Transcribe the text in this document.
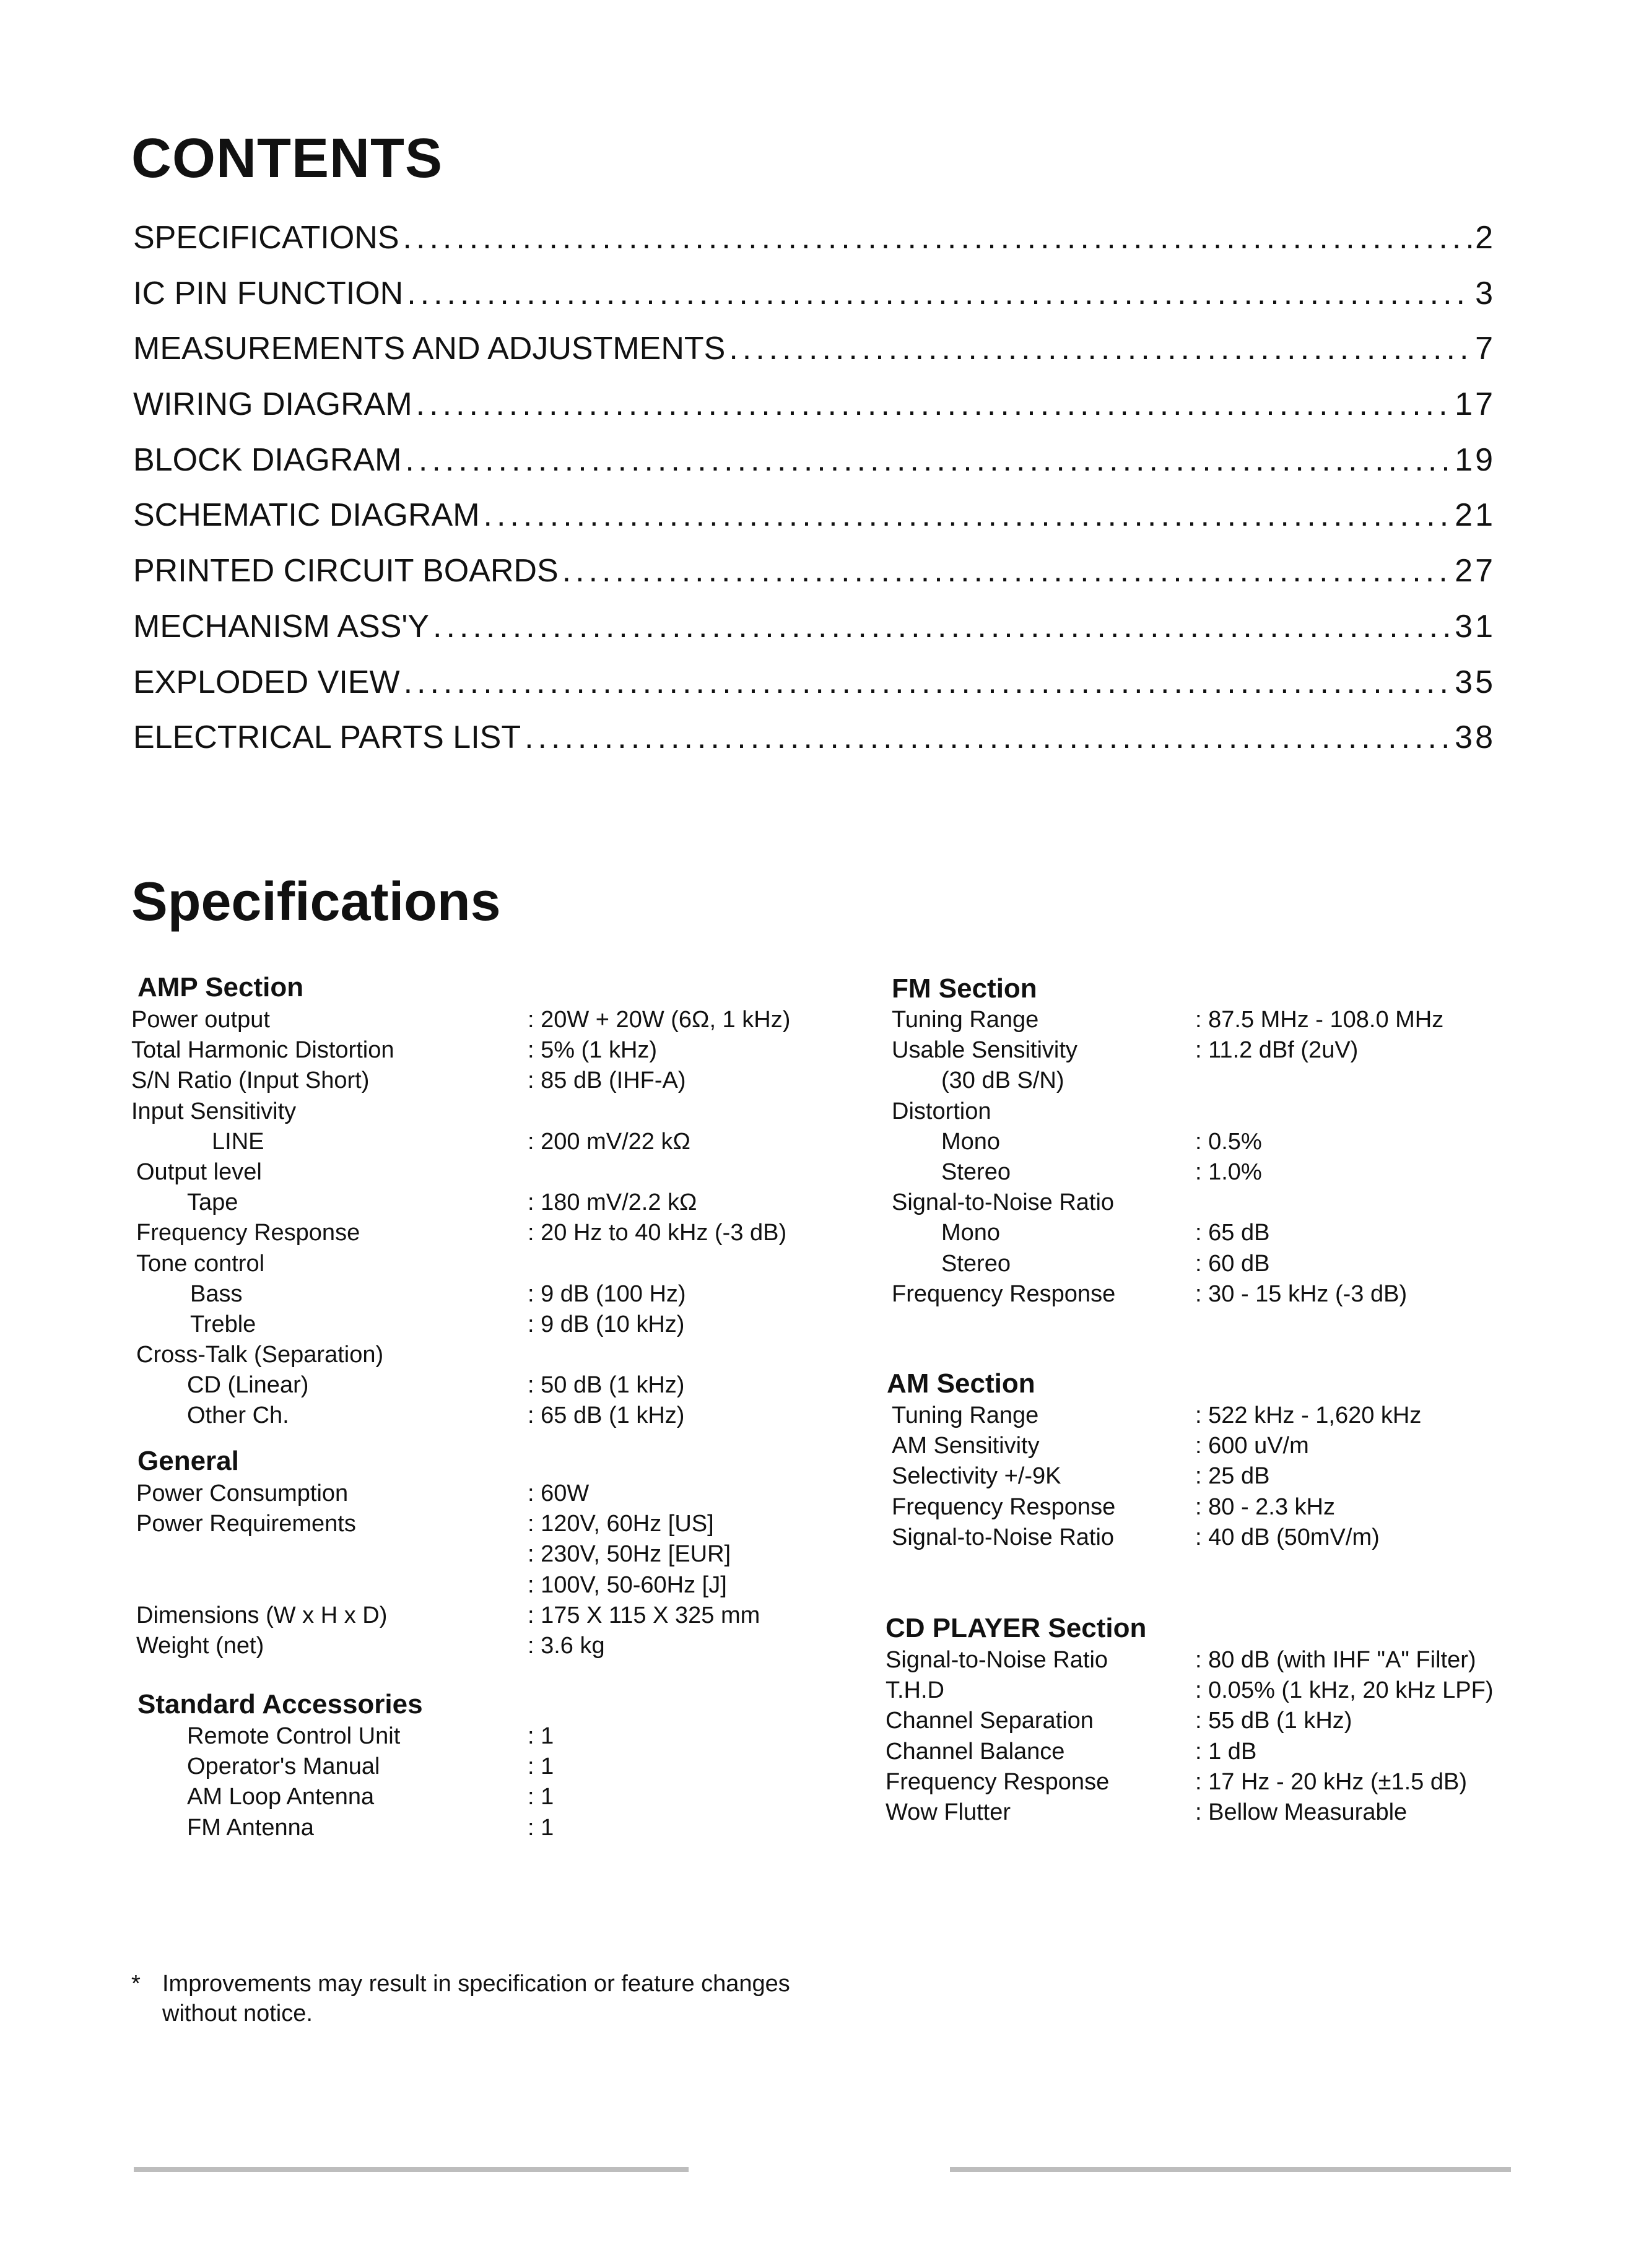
CONTENTS
SPECIFICATIONS .....	2
IC PIN FUNCTION .....	3
MEASUREMENTS AND ADJUSTMENTS .....	7
WIRING DIAGRAM .....	17
BLOCK DIAGRAM .....	19
SCHEMATIC DIAGRAM .....	21
PRINTED CIRCUIT BOARDS .....	27
MECHANISM ASS'Y .....	31
EXPLODED VIEW .....	35
ELECTRICAL PARTS LIST .....	38
Specifications
AMP Section
Power output	: 20W + 20W (6Ω, 1 kHz)
Total Harmonic Distortion	: 5% (1 kHz)
S/N Ratio (Input Short)	: 85 dB (IHF-A)
Input Sensitivity
LINE	: 200 mV/22 kΩ
Output level
Tape	: 180 mV/2.2 kΩ
Frequency Response	: 20 Hz to 40 kHz (-3 dB)
Tone control
Bass	: 9 dB (100 Hz)
Treble	: 9 dB (10 kHz)
Cross-Talk (Separation)
CD (Linear)	: 50 dB (1 kHz)
Other Ch.	: 65 dB (1 kHz)
General
Power Consumption	: 60W
Power Requirements	: 120V, 60Hz [US]
: 230V, 50Hz [EUR]
: 100V, 50-60Hz [J]
Dimensions (W x H x D)	: 175 X 115 X 325 mm
Weight (net)	: 3.6 kg
Standard Accessories
Remote Control Unit	: 1
Operator's Manual	: 1
AM Loop Antenna	: 1
FM Antenna	: 1
FM Section
Tuning Range	: 87.5 MHz - 108.0 MHz
Usable Sensitivity	: 11.2 dBf (2uV)
(30 dB S/N)
Distortion
Mono	: 0.5%
Stereo	: 1.0%
Signal-to-Noise Ratio
Mono	: 65 dB
Stereo	: 60 dB
Frequency Response	: 30 - 15 kHz (-3 dB)
AM Section
Tuning Range	: 522 kHz - 1,620 kHz
AM Sensitivity	: 600 uV/m
Selectivity +/-9K	: 25 dB
Frequency Response	: 80 - 2.3 kHz
Signal-to-Noise Ratio	: 40 dB (50mV/m)
CD PLAYER Section
Signal-to-Noise Ratio	: 80 dB (with IHF "A" Filter)
T.H.D	: 0.05% (1 kHz, 20 kHz LPF)
Channel Separation	: 55 dB (1 kHz)
Channel Balance	: 1 dB
Frequency Response	: 17 Hz - 20 kHz (±1.5 dB)
Wow Flutter	: Bellow Measurable
* Improvements may result in specification or feature changes without notice.
